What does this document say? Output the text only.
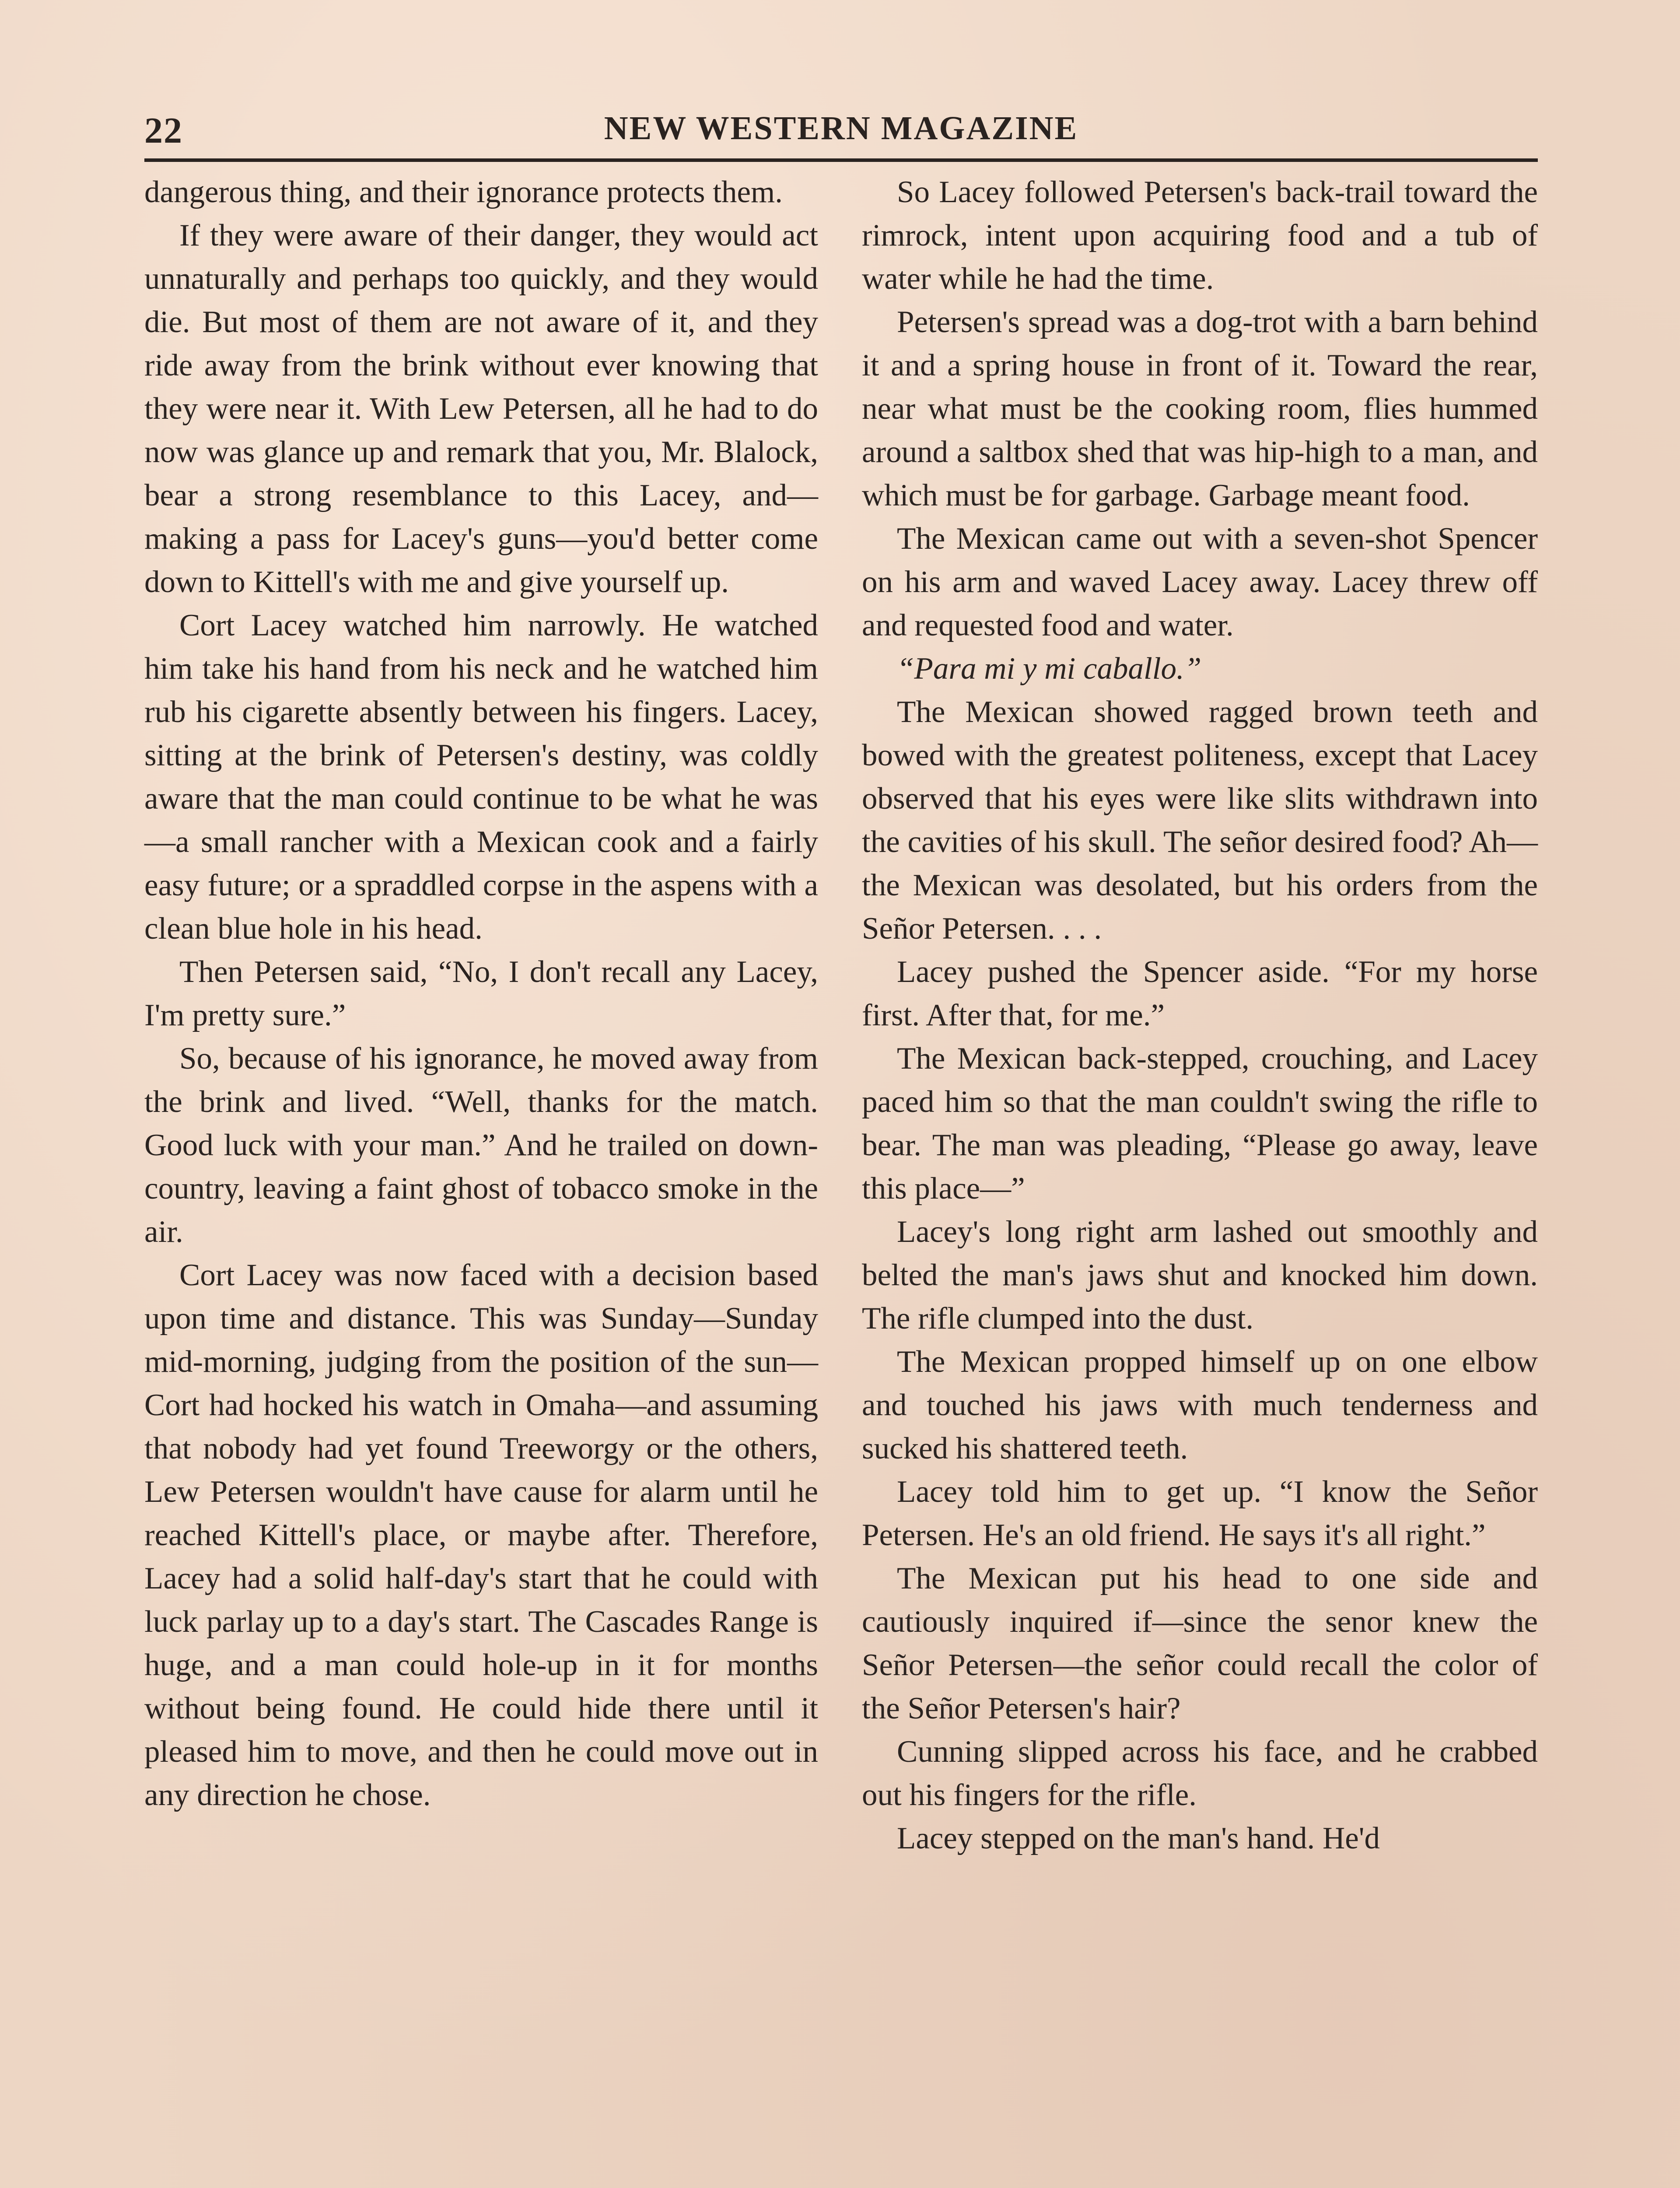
22	NEW WESTERN MAGAZINE

dangerous thing, and their ignorance protects them.

If they were aware of their danger, they would act unnaturally and perhaps too quickly, and they would die. But most of them are not aware of it, and they ride away from the brink without ever knowing that they were near it. With Lew Petersen, all he had to do now was glance up and remark that you, Mr. Blalock, bear a strong resemblance to this Lacey, and—making a pass for Lacey's guns—you'd better come down to Kittell's with me and give yourself up.

Cort Lacey watched him narrowly. He watched him take his hand from his neck and he watched him rub his cigarette absently between his fingers. Lacey, sitting at the brink of Petersen's destiny, was coldly aware that the man could continue to be what he was—a small rancher with a Mexican cook and a fairly easy future; or a spraddled corpse in the aspens with a clean blue hole in his head.

Then Petersen said, “No, I don't recall any Lacey, I'm pretty sure.”

So, because of his ignorance, he moved away from the brink and lived. “Well, thanks for the match. Good luck with your man.” And he trailed on down-country, leaving a faint ghost of tobacco smoke in the air.

Cort Lacey was now faced with a decision based upon time and distance. This was Sunday—Sunday mid-morning, judging from the position of the sun—Cort had hocked his watch in Omaha—and assuming that nobody had yet found Treeworgy or the others, Lew Petersen wouldn't have cause for alarm until he reached Kittell's place, or maybe after. Therefore, Lacey had a solid half-day's start that he could with luck parlay up to a day's start. The Cascades Range is huge, and a man could hole-up in it for months without being found. He could hide there until it pleased him to move, and then he could move out in any direction he chose.

So Lacey followed Petersen's back-trail toward the rimrock, intent upon acquiring food and a tub of water while he had the time.

Petersen's spread was a dog-trot with a barn behind it and a spring house in front of it. Toward the rear, near what must be the cooking room, flies hummed around a saltbox shed that was hip-high to a man, and which must be for garbage. Garbage meant food.

The Mexican came out with a seven-shot Spencer on his arm and waved Lacey away. Lacey threw off and requested food and water.

“Para mi y mi caballo.”

The Mexican showed ragged brown teeth and bowed with the greatest politeness, except that Lacey observed that his eyes were like slits withdrawn into the cavities of his skull. The señor desired food? Ah—the Mexican was desolated, but his orders from the Señor Petersen. . . .

Lacey pushed the Spencer aside. “For my horse first. After that, for me.”

The Mexican back-stepped, crouching, and Lacey paced him so that the man couldn't swing the rifle to bear. The man was pleading, “Please go away, leave this place—”

Lacey's long right arm lashed out smoothly and belted the man's jaws shut and knocked him down. The rifle clumped into the dust.

The Mexican propped himself up on one elbow and touched his jaws with much tenderness and sucked his shattered teeth.

Lacey told him to get up. “I know the Señor Petersen. He's an old friend. He says it's all right.”

The Mexican put his head to one side and cautiously inquired if—since the senor knew the Señor Petersen—the señor could recall the color of the Señor Petersen's hair?

Cunning slipped across his face, and he crabbed out his fingers for the rifle.

Lacey stepped on the man's hand. He'd
